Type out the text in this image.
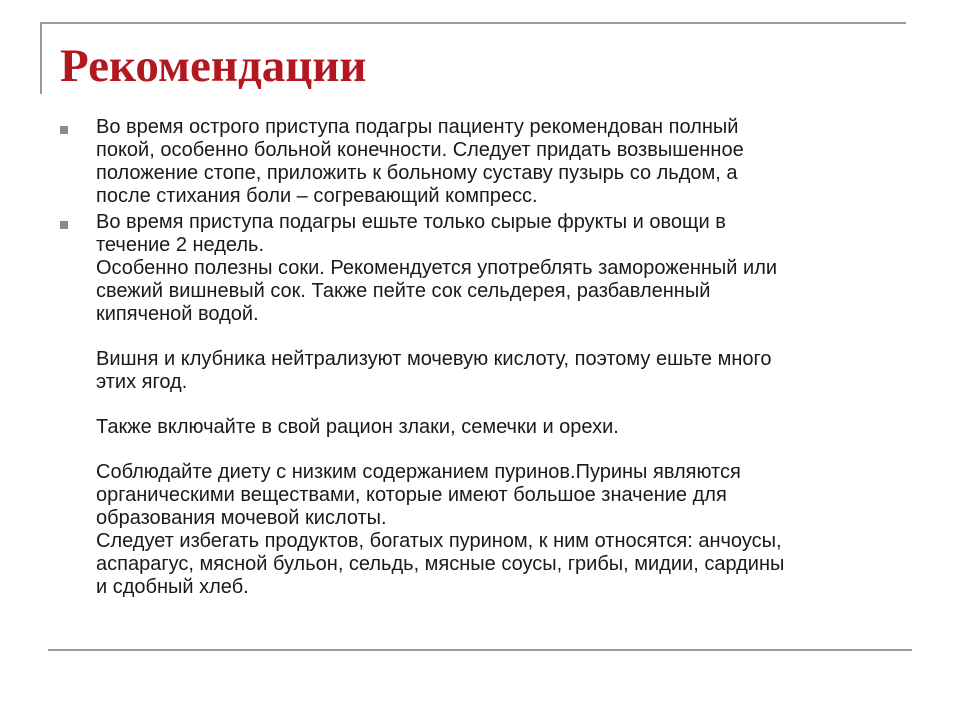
Рекомендации

Во время острого приступа подагры пациенту рекомендован полный
покой, особенно больной конечности. Следует придать возвышенное
положение стопе, приложить к больному суставу пузырь со льдом, а
после стихания боли – согревающий компресс.

Во время приступа подагры ешьте только сырые фрукты и овощи в
течение 2 недель.
Особенно полезны соки. Рекомендуется употреблять замороженный или
свежий вишневый сок. Также пейте сок сельдерея, разбавленный
кипяченой водой.

Вишня и клубника нейтрализуют мочевую кислоту, поэтому ешьте много
этих ягод.

Также включайте в свой рацион злаки, семечки и орехи.

Соблюдайте диету с низким содержанием пуринов.Пурины являются
органическими веществами, которые имеют большое значение для
образования мочевой кислоты.
Следует избегать продуктов, богатых пурином, к ним относятся: анчоусы,
аспарагус, мясной бульон, сельдь, мясные соусы, грибы, мидии, сардины
и сдобный хлеб.
